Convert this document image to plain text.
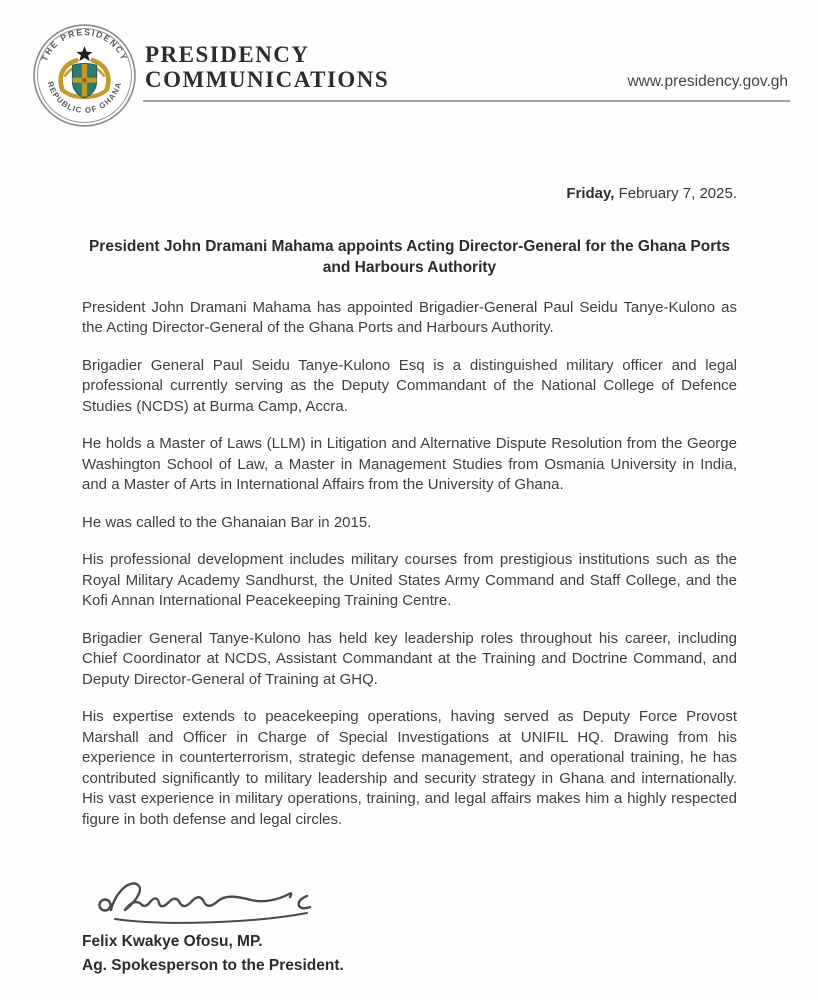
THE PRESIDENCY
REPUBLIC OF GHANA
PRESIDENCY
COMMUNICATIONS	www.presidency.gov.gh
Friday, February 7, 2025.
President John Dramani Mahama appoints Acting Director-General for the Ghana Ports and Harbours Authority

President John Dramani Mahama has appointed Brigadier-General Paul Seidu Tanye-Kulono as the Acting Director-General of the Ghana Ports and Harbours Authority.

Brigadier General Paul Seidu Tanye-Kulono Esq is a distinguished military officer and legal professional currently serving as the Deputy Commandant of the National College of Defence Studies (NCDS) at Burma Camp, Accra.

He holds a Master of Laws (LLM) in Litigation and Alternative Dispute Resolution from the George Washington School of Law, a Master in Management Studies from Osmania University in India, and a Master of Arts in International Affairs from the University of Ghana.

He was called to the Ghanaian Bar in 2015.

His professional development includes military courses from prestigious institutions such as the Royal Military Academy Sandhurst, the United States Army Command and Staff College, and the Kofi Annan International Peacekeeping Training Centre.

Brigadier General Tanye-Kulono has held key leadership roles throughout his career, including Chief Coordinator at NCDS, Assistant Commandant at the Training and Doctrine Command, and Deputy Director-General of Training at GHQ.

His expertise extends to peacekeeping operations, having served as Deputy Force Provost Marshall and Officer in Charge of Special Investigations at UNIFIL HQ. Drawing from his experience in counterterrorism, strategic defense management, and operational training, he has contributed significantly to military leadership and security strategy in Ghana and internationally. His vast experience in military operations, training, and legal affairs makes him a highly respected figure in both defense and legal circles.

Felix Kwakye Ofosu, MP.
Ag. Spokesperson to the President.
